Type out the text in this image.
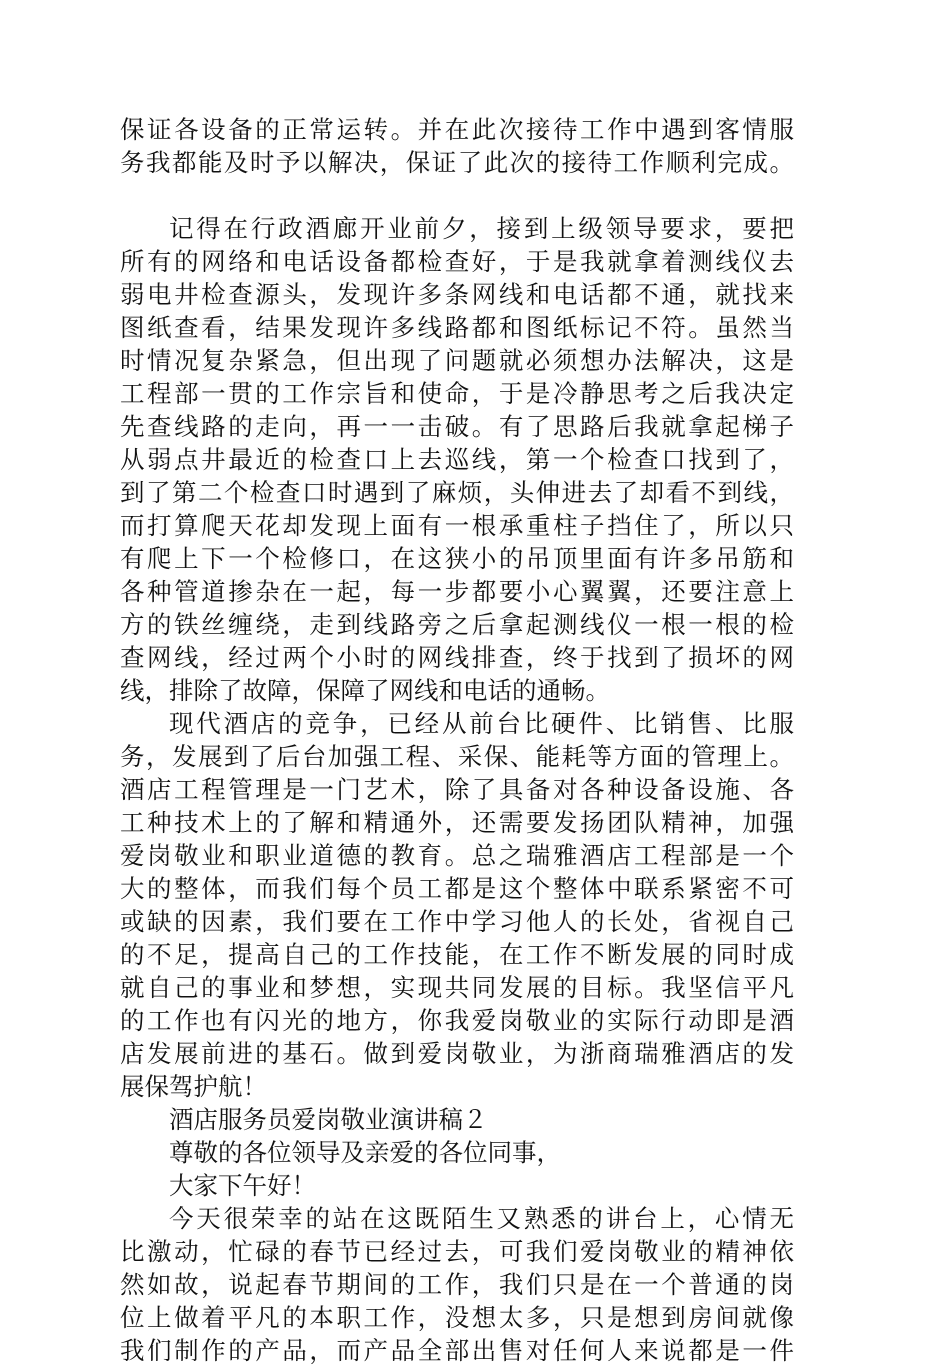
保证各设备的正常运转。并在此次接待工作中遇到客情服
务我都能及时予以解决，保证了此次的接待工作顺利完成。
记得在行政酒廊开业前夕，接到上级领导要求，要把
所有的网络和电话设备都检查好，于是我就拿着测线仪去
弱电井检查源头，发现许多条网线和电话都不通，就找来
图纸查看，结果发现许多线路都和图纸标记不符。虽然当
时情况复杂紧急，但出现了问题就必须想办法解决，这是
工程部一贯的工作宗旨和使命，于是冷静思考之后我决定
先查线路的走向，再一一击破。有了思路后我就拿起梯子
从弱点井最近的检查口上去巡线，第一个检查口找到了，
到了第二个检查口时遇到了麻烦，头伸进去了却看不到线，
而打算爬天花却发现上面有一根承重柱子挡住了，所以只
有爬上下一个检修口，在这狭小的吊顶里面有许多吊筋和
各种管道掺杂在一起，每一步都要小心翼翼，还要注意上
方的铁丝缠绕，走到线路旁之后拿起测线仪一根一根的检
查网线，经过两个小时的网线排查，终于找到了损坏的网
线，排除了故障，保障了网线和电话的通畅。
现代酒店的竞争，已经从前台比硬件、比销售、比服
务，发展到了后台加强工程、采保、能耗等方面的管理上。
酒店工程管理是一门艺术，除了具备对各种设备设施、各
工种技术上的了解和精通外，还需要发扬团队精神，加强
爱岗敬业和职业道德的教育。总之瑞雅酒店工程部是一个
大的整体，而我们每个员工都是这个整体中联系紧密不可
或缺的因素，我们要在工作中学习他人的长处，省视自己
的不足，提高自己的工作技能，在工作不断发展的同时成
就自己的事业和梦想，实现共同发展的目标。我坚信平凡
的工作也有闪光的地方，你我爱岗敬业的实际行动即是酒
店发展前进的基石。做到爱岗敬业，为浙商瑞雅酒店的发
展保驾护航！
酒店服务员爱岗敬业演讲稿２
尊敬的各位领导及亲爱的各位同事，
大家下午好！
今天很荣幸的站在这既陌生又熟悉的讲台上，心情无
比激动，忙碌的春节已经过去，可我们爱岗敬业的精神依
然如故，说起春节期间的工作，我们只是在一个普通的岗
位上做着平凡的本职工作，没想太多，只是想到房间就像
我们制作的产品，而产品全部出售对任何人来说都是一件
